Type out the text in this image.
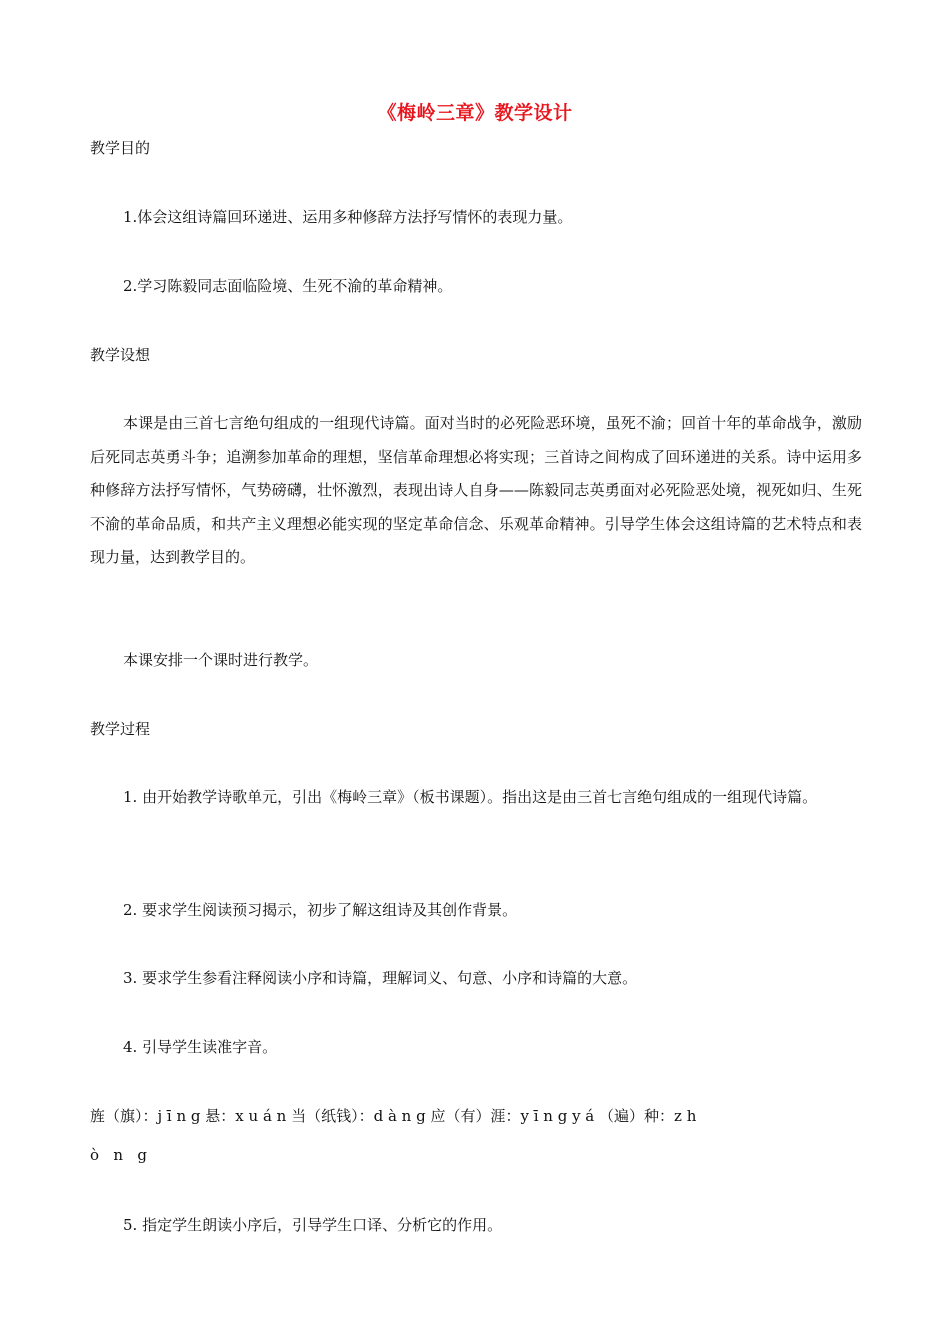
《梅岭三章》教学设计
教学目的
1.体会这组诗篇回环递进、运用多种修辞方法抒写情怀的表现力量。
2.学习陈毅同志面临险境、生死不渝的革命精神。
教学设想
本课是由三首七言绝句组成的一组现代诗篇。面对当时的必死险恶环境，虽死不渝；回首十年的革命战争，激励后死同志英勇斗争；追溯参加革命的理想，坚信革命理想必将实现；三首诗之间构成了回环递进的关系。诗中运用多种修辞方法抒写情怀，气势磅礴，壮怀激烈，表现出诗人自身——陈毅同志英勇面对必死险恶处境，视死如归、生死不渝的革命品质，和共产主义理想必能实现的坚定革命信念、乐观革命精神。引导学生体会这组诗篇的艺术特点和表现力量，达到教学目的。
本课安排一个课时进行教学。
教学过程
1. 由开始教学诗歌单元，引出《梅岭三章》（板书课题）。指出这是由三首七言绝句组成的一组现代诗篇。
2. 要求学生阅读预习揭示，初步了解这组诗及其创作背景。
3. 要求学生参看注释阅读小序和诗篇，理解词义、句意、小序和诗篇的大意。
4. 引导学生读准字音。
旌（旗）：j ī n g 悬：x u á n 当（纸钱）：d à n g 应（有）涯：y ī n g y á （遍）种：z h
ò n g
5. 指定学生朗读小序后，引导学生口译、分析它的作用。
